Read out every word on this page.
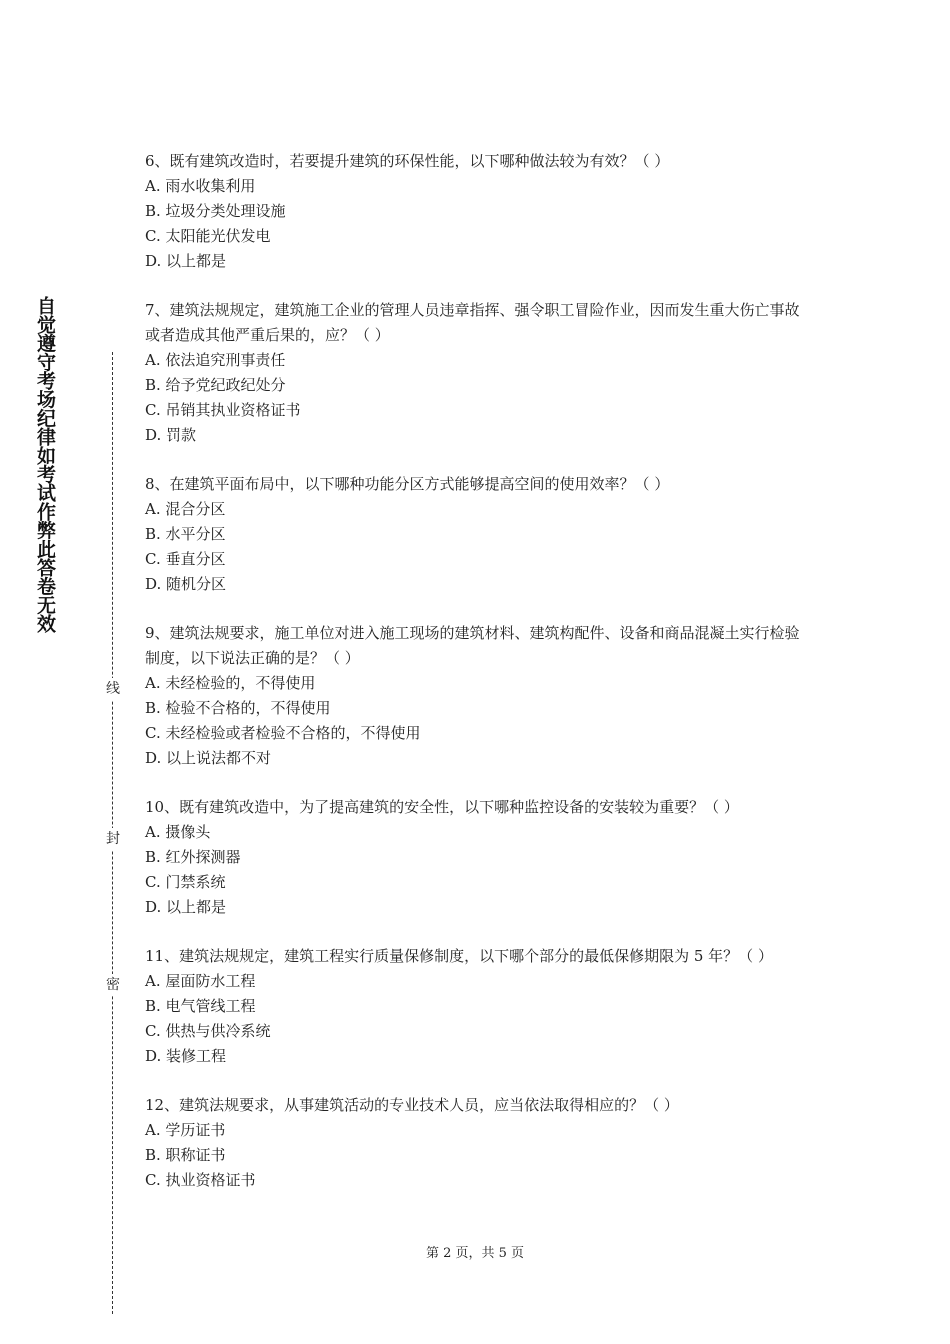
自觉遵守考场纪律如考试作弊此答卷无效
线
封
密

6、既有建筑改造时，若要提升建筑的环保性能，以下哪种做法较为有效？（ ）

A. 雨水收集利用

B. 垃圾分类处理设施

C. 太阳能光伏发电

D. 以上都是

7、建筑法规规定，建筑施工企业的管理人员违章指挥、强令职工冒险作业，因而发生重大伤亡事故或者造成其他严重后果的，应？（ ）

A. 依法追究刑事责任

B. 给予党纪政纪处分

C. 吊销其执业资格证书

D. 罚款

8、在建筑平面布局中，以下哪种功能分区方式能够提高空间的使用效率？（ ）

A. 混合分区

B. 水平分区

C. 垂直分区

D. 随机分区

9、建筑法规要求，施工单位对进入施工现场的建筑材料、建筑构配件、设备和商品混凝土实行检验制度，以下说法正确的是？（ ）

A. 未经检验的，不得使用

B. 检验不合格的，不得使用

C. 未经检验或者检验不合格的，不得使用

D. 以上说法都不对

10、既有建筑改造中，为了提高建筑的安全性，以下哪种监控设备的安装较为重要？（ ）

A. 摄像头

B. 红外探测器

C. 门禁系统

D. 以上都是

11、建筑法规规定，建筑工程实行质量保修制度，以下哪个部分的最低保修期限为 5 年？（ ）

A. 屋面防水工程

B. 电气管线工程

C. 供热与供冷系统

D. 装修工程

12、建筑法规要求，从事建筑活动的专业技术人员，应当依法取得相应的？（ ）

A. 学历证书

B. 职称证书

C. 执业资格证书

第 2 页，共 5 页
